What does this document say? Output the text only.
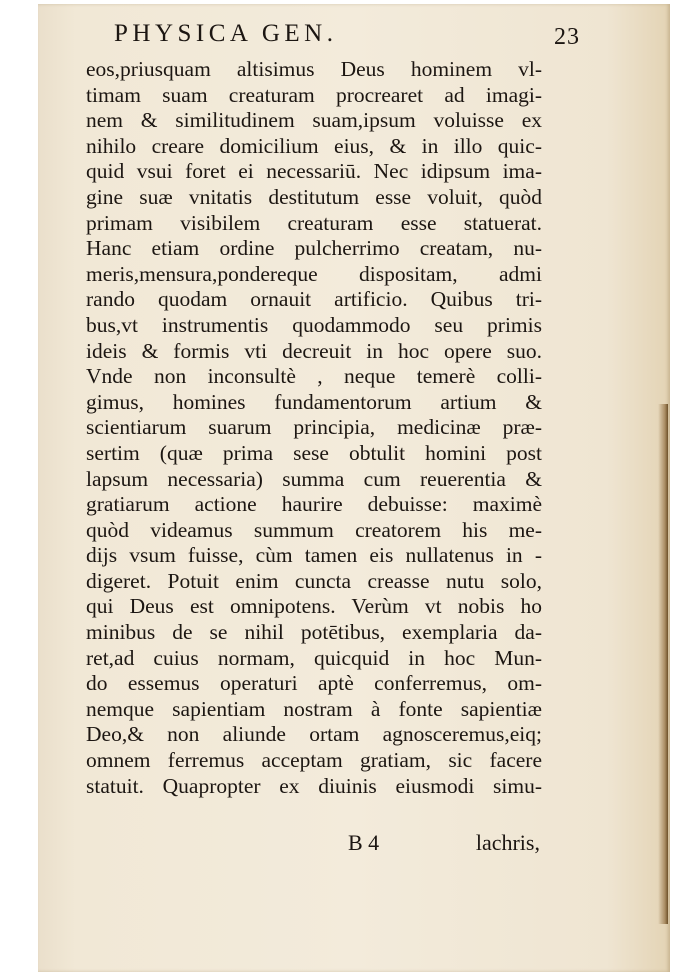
PHYSICA GEN.	23
eos,priusquam altisimus Deus hominem vl-
timam suam creaturam procrearet ad imagi-
nem & similitudinem suam,ipsum voluisse ex
nihilo creare domicilium eius, & in illo quic-
quid vsui foret ei necessariū. Nec idipsum ima-
gine suæ vnitatis destitutum esse voluit, quòd
primam visibilem creaturam esse statuerat.
Hanc etiam ordine pulcherrimo creatam, nu-
meris,mensura,pondereque dispositam, admi
rando quodam ornauit artificio. Quibus tri-
bus,vt instrumentis quodammodo seu primis
ideis & formis vti decreuit in hoc opere suo.
Vnde non inconsultè , neque temerè colli-
gimus, homines fundamentorum artium &
scientiarum suarum principia, medicinæ præ-
sertim (quæ prima sese obtulit homini post
lapsum necessaria) summa cum reuerentia &
gratiarum actione haurire debuisse: maximè
quòd videamus summum creatorem his me-
dijs vsum fuisse, cùm tamen eis nullatenus in -
digeret. Potuit enim cuncta creasse nutu solo,
qui Deus est omnipotens. Verùm vt nobis ho
minibus de se nihil potētibus, exemplaria da-
ret,ad cuius normam, quicquid in hoc Mun-
do essemus operaturi aptè conferremus, om-
nemque sapientiam nostram à fonte sapientiæ
Deo,& non aliunde ortam agnosceremus,eiq;
omnem ferremus acceptam gratiam, sic facere
statuit. Quapropter ex diuinis eiusmodi simu-
B 4	lachris,
